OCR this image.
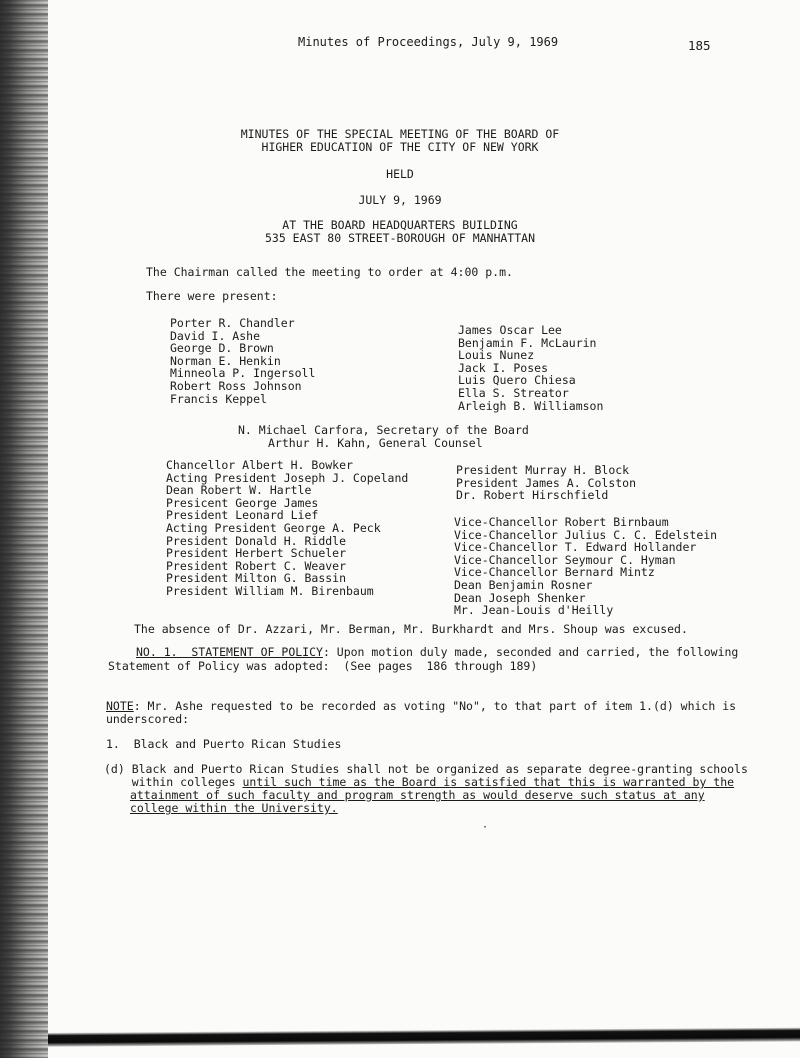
Minutes of Proceedings, July 9, 1969	185
MINUTES OF THE SPECIAL MEETING OF THE BOARD OF
HIGHER EDUCATION OF THE CITY OF NEW YORK
HELD
JULY 9, 1969
AT THE BOARD HEADQUARTERS BUILDING
535 EAST 80 STREET-BOROUGH OF MANHATTAN
The Chairman called the meeting to order at 4:00 p.m.
There were present:
Porter R. Chandler
David I. Ashe
George D. Brown
Norman E. Henkin
Minneola P. Ingersoll
Robert Ross Johnson
Francis Keppel
James Oscar Lee
Benjamin F. McLaurin
Louis Nunez
Jack I. Poses
Luis Quero Chiesa
Ella S. Streator
Arleigh B. Williamson
N. Michael Carfora, Secretary of the Board
Arthur H. Kahn, General Counsel
Chancellor Albert H. Bowker
Acting President Joseph J. Copeland
Dean Robert W. Hartle
Presicent George James
President Leonard Lief
Acting President George A. Peck
President Donald H. Riddle
President Herbert Schueler
President Robert C. Weaver
President Milton G. Bassin
President William M. Birenbaum
President Murray H. Block
President James A. Colston
Dr. Robert Hirschfield
Vice-Chancellor Robert Birnbaum
Vice-Chancellor Julius C. C. Edelstein
Vice-Chancellor T. Edward Hollander
Vice-Chancellor Seymour C. Hyman
Vice-Chancellor Bernard Mintz
Dean Benjamin Rosner
Dean Joseph Shenker
Mr. Jean-Louis d'Heilly
The absence of Dr. Azzari, Mr. Berman, Mr. Burkhardt and Mrs. Shoup was excused.
NO. 1.  STATEMENT OF POLICY: Upon motion duly made, seconded and carried, the following
Statement of Policy was adopted:  (See pages  186 through 189)
NOTE: Mr. Ashe requested to be recorded as voting "No", to that part of item 1.(d) which is
underscored:
1.  Black and Puerto Rican Studies
(d) Black and Puerto Rican Studies shall not be organized as separate degree-granting schools
within colleges until such time as the Board is satisfied that this is warranted by the
attainment of such faculty and program strength as would deserve such status at any
college within the University.
·
